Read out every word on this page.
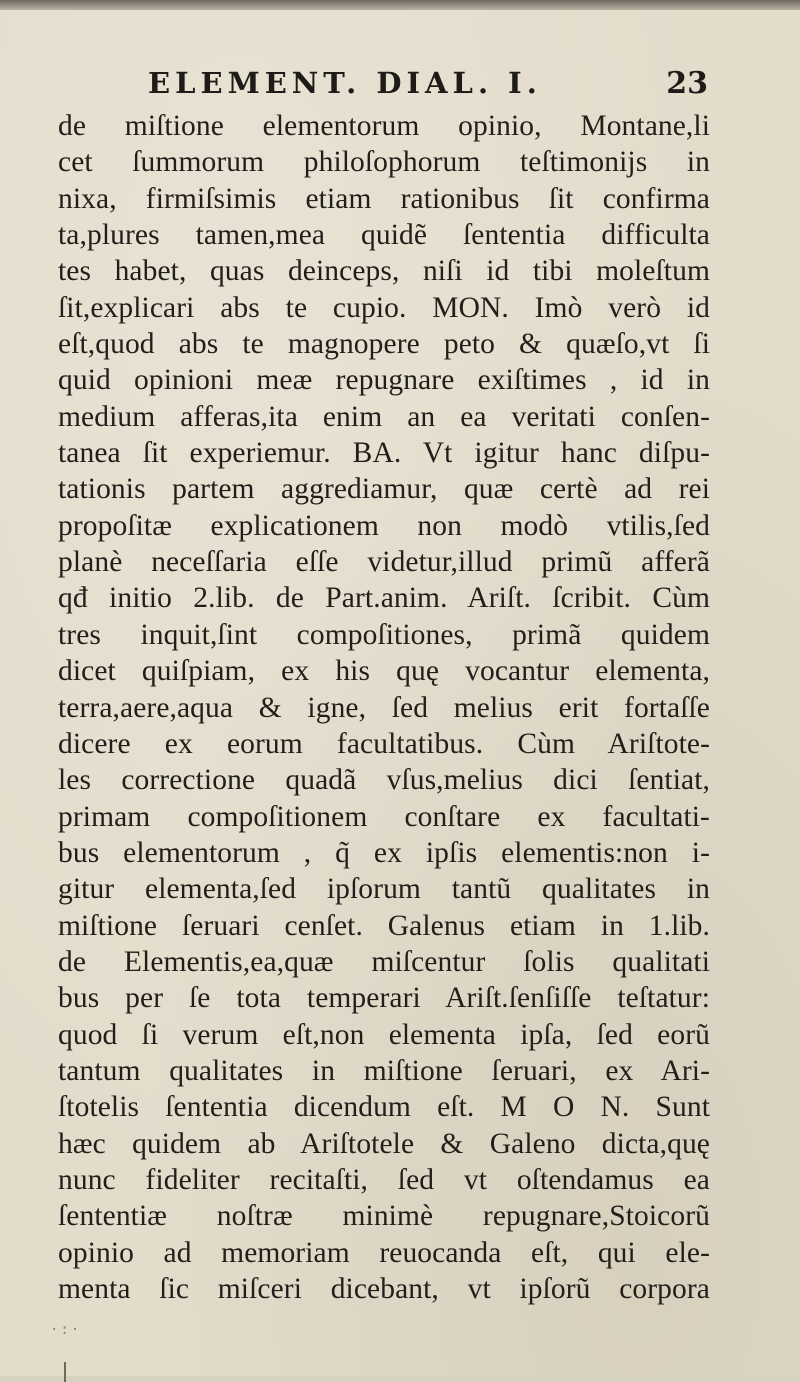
ELEMENT. DIAL. I.	23
de miſtione elementorum opinio, Montane,li
cet ſummorum philoſophorum teſtimonijs in
nixa, firmiſsimis etiam rationibus ſit confirma
ta,plures tamen,mea quidẽ ſententia difficulta
tes habet, quas deinceps, niſi id tibi moleſtum
ſit,explicari abs te cupio. MON. Imò verò id
eſt,quod abs te magnopere peto & quæſo,vt ſi
quid opinioni meæ repugnare exiſtimes , id in
medium afferas,ita enim an ea veritati conſen-
tanea ſit experiemur. BA. Vt igitur hanc diſpu-
tationis partem aggrediamur, quæ certè ad rei
propoſitæ explicationem non modò vtilis,ſed
planè neceſſaria eſſe videtur,illud primũ afferã
qđ initio 2.lib. de Part.anim. Ariſt. ſcribit. Cùm
tres inquit,ſint compoſitiones, primã quidem
dicet quiſpiam, ex his quę vocantur elementa,
terra,aere,aqua & igne, ſed melius erit fortaſſe
dicere ex eorum facultatibus. Cùm Ariſtote-
les correctione quadã vſus,melius dici ſentiat,
primam compoſitionem conſtare ex facultati-
bus elementorum , q̃ ex ipſis elementis:non i-
gitur elementa,ſed ipſorum tantũ qualitates in
miſtione ſeruari cenſet. Galenus etiam in 1.lib.
de Elementis,ea,quæ miſcentur ſolis qualitati
bus per ſe tota temperari Ariſt.ſenſiſſe teſtatur:
quod ſi verum eſt,non elementa ipſa, ſed eorũ
tantum qualitates in miſtione ſeruari, ex Ari-
ſtotelis ſententia dicendum eſt. M O N. Sunt
hæc quidem ab Ariſtotele & Galeno dicta,quę
nunc fideliter recitaſti, ſed vt oſtendamus ea
ſententiæ noſtræ minimè repugnare,Stoicorũ
opinio ad memoriam reuocanda eſt, qui ele-
menta ſic miſceri dicebant, vt ipſorũ corpora
·:·
